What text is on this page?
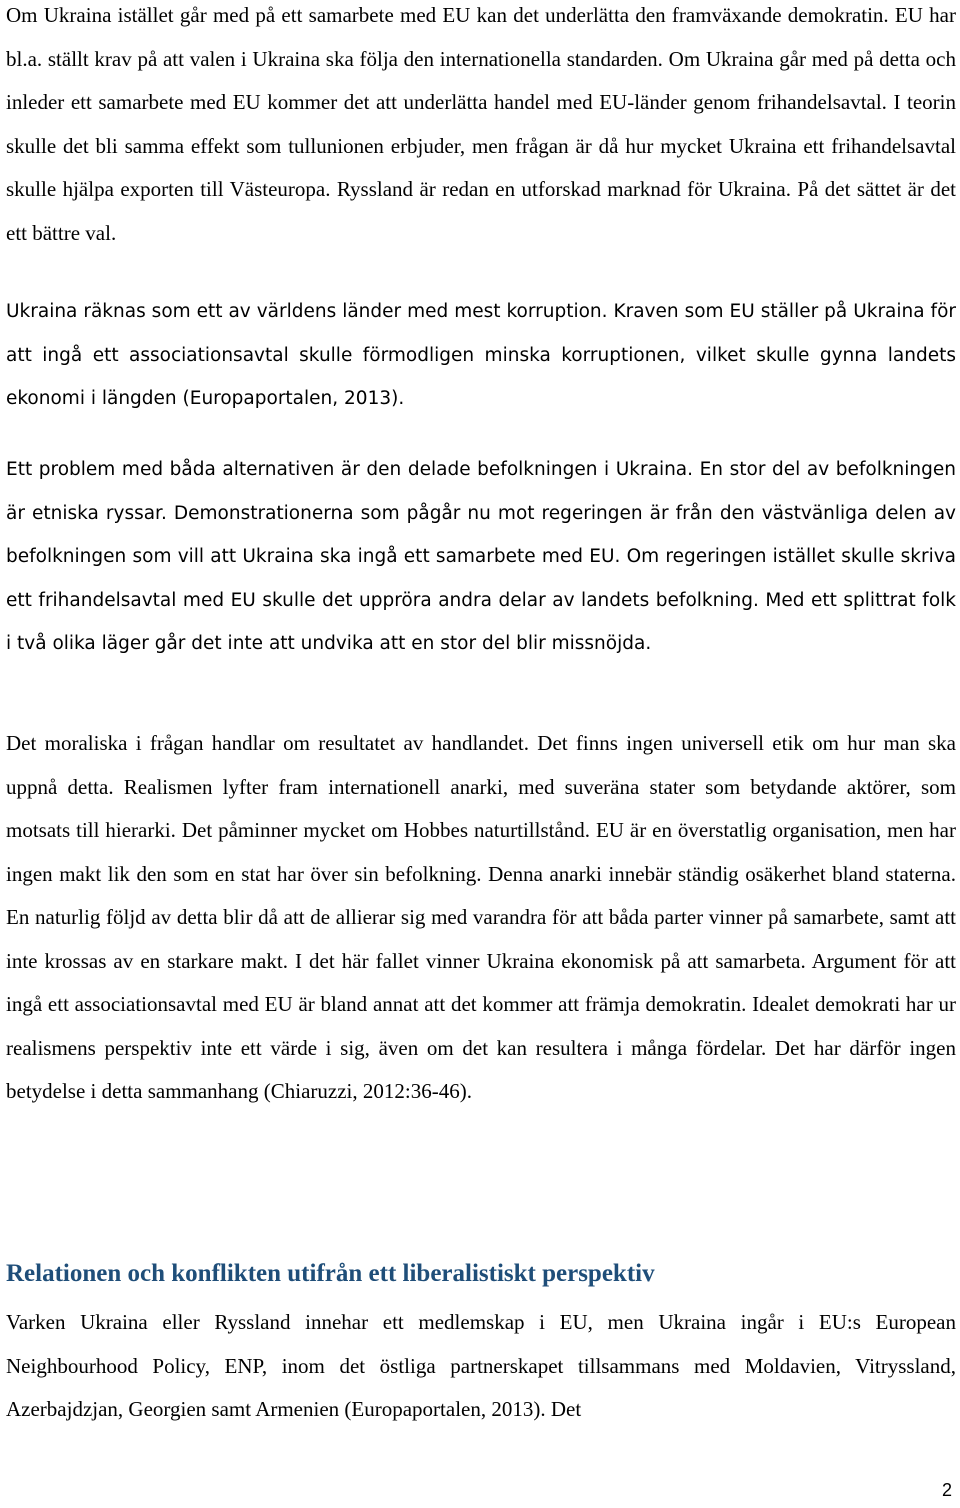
Om Ukraina istället går med på ett samarbete med EU kan det underlätta den framväxande demokratin. EU har bl.a. ställt krav på att valen i Ukraina ska följa den internationella standarden. Om Ukraina går med på detta och inleder ett samarbete med EU kommer det att underlätta handel med EU-länder genom frihandelsavtal. I teorin skulle det bli samma effekt som tullunionen erbjuder, men frågan är då hur mycket Ukraina ett frihandelsavtal skulle hjälpa exporten till Västeuropa. Ryssland är redan en utforskad marknad för Ukraina. På det sättet är det ett bättre val.

Ukraina räknas som ett av världens länder med mest korruption. Kraven som EU ställer på Ukraina för att ingå ett associationsavtal skulle förmodligen minska korruptionen, vilket skulle gynna landets ekonomi i längden (Europaportalen, 2013).

Ett problem med båda alternativen är den delade befolkningen i Ukraina. En stor del av befolkningen är etniska ryssar. Demonstrationerna som pågår nu mot regeringen är från den västvänliga delen av befolkningen som vill att Ukraina ska ingå ett samarbete med EU. Om regeringen istället skulle skriva ett frihandelsavtal med EU skulle det uppröra andra delar av landets befolkning. Med ett splittrat folk i två olika läger går det inte att undvika att en stor del blir missnöjda.

Det moraliska i frågan handlar om resultatet av handlandet. Det finns ingen universell etik om hur man ska uppnå detta. Realismen lyfter fram internationell anarki, med suveräna stater som betydande aktörer, som motsats till hierarki. Det påminner mycket om Hobbes naturtillstånd. EU är en överstatlig organisation, men har ingen makt lik den som en stat har över sin befolkning. Denna anarki innebär ständig osäkerhet bland staterna. En naturlig följd av detta blir då att de allierar sig med varandra för att båda parter vinner på samarbete, samt att inte krossas av en starkare makt. I det här fallet vinner Ukraina ekonomisk på att samarbeta. Argument för att ingå ett associationsavtal med EU är bland annat att det kommer att främja demokratin. Idealet demokrati har ur realismens perspektiv inte ett värde i sig, även om det kan resultera i många fördelar. Det har därför ingen betydelse i detta sammanhang (Chiaruzzi, 2012:36-46).

Relationen och konflikten utifrån ett liberalistiskt perspektiv

Varken Ukraina eller Ryssland innehar ett medlemskap i EU, men Ukraina ingår i EU:s European Neighbourhood Policy, ENP, inom det östliga partnerskapet tillsammans med Moldavien, Vitryssland, Azerbajdzjan, Georgien samt Armenien (Europaportalen, 2013). Det

2
